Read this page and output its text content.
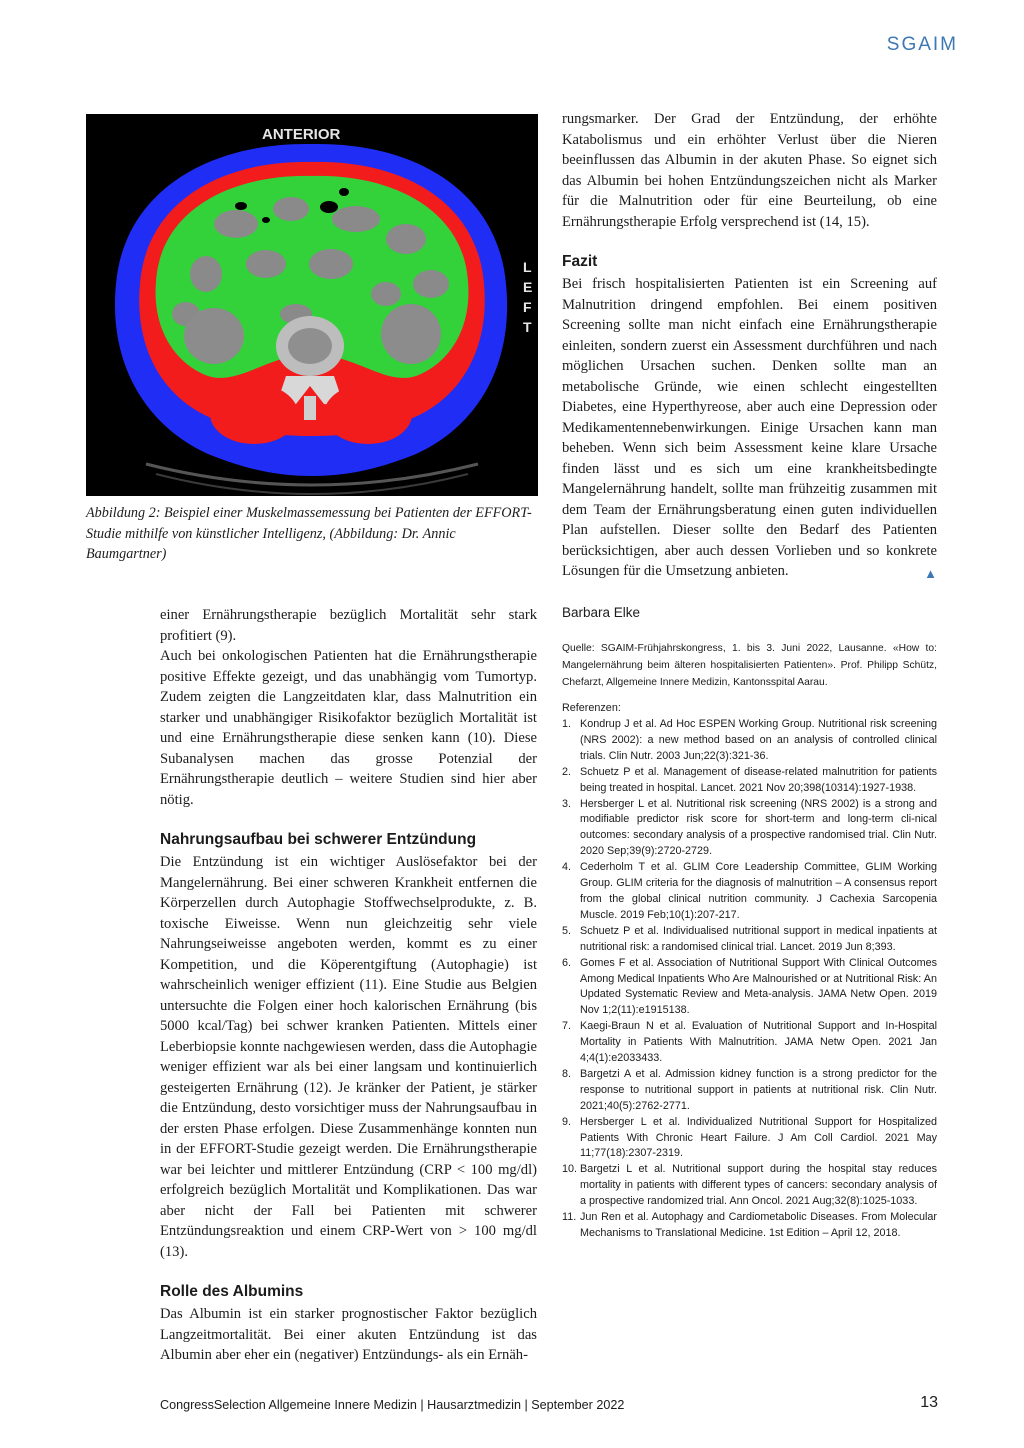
SGAIM
ANTERIOR
L
E
F
T

Abbildung 2: Beispiel einer Muskelmassemessung bei Patienten der EFFORT-Studie mithilfe von künstlicher Intelligenz, (Abbildung: Dr. Annic Baumgartner)

einer Ernährungstherapie bezüglich Mortalität sehr stark profitiert (9).

Auch bei onkologischen Patienten hat die Ernährungstherapie positive Effekte gezeigt, und das unabhängig vom Tumortyp. Zudem zeigten die Langzeitdaten klar, dass Malnutrition ein starker und unabhängiger Risikofaktor bezüglich Mortalität ist und eine Ernährungstherapie diese senken kann (10). Diese Subanalysen machen das grosse Potenzial der Ernährungstherapie deutlich – weitere Studien sind hier aber nötig.

Nahrungsaufbau bei schwerer Entzündung

Die Entzündung ist ein wichtiger Auslösefaktor bei der Mangelernährung. Bei einer schweren Krankheit entfernen die Körperzellen durch Autophagie Stoffwechselprodukte, z. B. toxische Eiweisse. Wenn nun gleichzeitig sehr viele Nahrungseiweisse angeboten werden, kommt es zu einer Kompetition, und die Köperentgiftung (Autophagie) ist wahrscheinlich weniger effizient (11). Eine Studie aus Belgien untersuchte die Folgen einer hoch kalorischen Ernährung (bis 5000 kcal/Tag) bei schwer kranken Patienten. Mittels einer Leberbiopsie konnte nachgewiesen werden, dass die Autophagie weniger effizient war als bei einer langsam und kontinuierlich gesteigerten Ernährung (12). Je kränker der Patient, je stärker die Entzündung, desto vorsichtiger muss der Nahrungsaufbau in der ersten Phase erfolgen. Diese Zusammenhänge konnten nun in der EFFORT-Studie gezeigt werden. Die Ernährungstherapie war bei leichter und mittlerer Entzündung (CRP < 100 mg/dl) erfolgreich bezüglich Mortalität und Komplikationen. Das war aber nicht der Fall bei Patienten mit schwerer Entzündungsreaktion und einem CRP-Wert von > 100 mg/dl (13).

Rolle des Albumins

Das Albumin ist ein starker prognostischer Faktor bezüglich Langzeitmortalität. Bei einer akuten Entzündung ist das Albumin aber eher ein (negativer) Entzündungs- als ein Ernäh-

rungsmarker. Der Grad der Entzündung, der erhöhte Katabolismus und ein erhöhter Verlust über die Nieren beeinflussen das Albumin in der akuten Phase. So eignet sich das Albumin bei hohen Entzündungszeichen nicht als Marker für die Malnutrition oder für eine Beurteilung, ob eine Ernährungstherapie Erfolg versprechend ist (14, 15).

Fazit

Bei frisch hospitalisierten Patienten ist ein Screening auf Malnutrition dringend empfohlen. Bei einem positiven Screening sollte man nicht einfach eine Ernährungstherapie einleiten, sondern zuerst ein Assessment durchführen und nach möglichen Ursachen suchen. Denken sollte man an metabolische Gründe, wie einen schlecht eingestellten Diabetes, eine Hyperthyreose, aber auch eine Depression oder Medikamentennebenwirkungen. Einige Ursachen kann man beheben. Wenn sich beim Assessment keine klare Ursache finden lässt und es sich um eine krankheitsbedingte Mangelernährung handelt, sollte man frühzeitig zusammen mit dem Team der Ernährungsberatung einen guten individuellen Plan aufstellen. Dieser sollte den Bedarf des Patienten berücksichtigen, aber auch dessen Vorlieben und so konkrete Lösungen für die Umsetzung anbieten.	▲

Barbara Elke
Quelle: SGAIM-Frühjahrskongress, 1. bis 3. Juni 2022, Lausanne. «How to: Mangelernährung beim älteren hospitalisierten Patienten». Prof. Philipp Schütz, Chefarzt, Allgemeine Innere Medizin, Kantonsspital Aarau.
Referenzen:
1. Kondrup J et al. Ad Hoc ESPEN Working Group. Nutritional risk screening (NRS 2002): a new method based on an analysis of controlled clinical trials. Clin Nutr. 2003 Jun;22(3):321-36.
2. Schuetz P et al. Management of disease-related malnutrition for patients being treated in hospital. Lancet. 2021 Nov 20;398(10314):1927-1938.
3. Hersberger L et al. Nutritional risk screening (NRS 2002) is a strong and modifiable predictor risk score for short-term and long-term cli-nical outcomes: secondary analysis of a prospective randomised trial. Clin Nutr. 2020 Sep;39(9):2720-2729.
4. Cederholm T et al. GLIM Core Leadership Committee, GLIM Working Group. GLIM criteria for the diagnosis of malnutrition – A consensus report from the global clinical nutrition community. J Cachexia Sarcopenia Muscle. 2019 Feb;10(1):207-217.
5. Schuetz P et al. Individualised nutritional support in medical inpatients at nutritional risk: a randomised clinical trial. Lancet. 2019 Jun 8;393.
6. Gomes F et al. Association of Nutritional Support With Clinical Outcomes Among Medical Inpatients Who Are Malnourished or at Nutritional Risk: An Updated Systematic Review and Meta-analysis. JAMA Netw Open. 2019 Nov 1;2(11):e1915138.
7. Kaegi-Braun N et al. Evaluation of Nutritional Support and In-Hospital Mortality in Patients With Malnutrition. JAMA Netw Open. 2021 Jan 4;4(1):e2033433.
8. Bargetzi A et al. Admission kidney function is a strong predictor for the response to nutritional support in patients at nutritional risk. Clin Nutr. 2021;40(5):2762-2771.
9. Hersberger L et al. Individualized Nutritional Support for Hospitalized Patients With Chronic Heart Failure. J Am Coll Cardiol. 2021 May 11;77(18):2307-2319.
10. Bargetzi L et al. Nutritional support during the hospital stay reduces mortality in patients with different types of cancers: secondary analysis of a prospective randomized trial. Ann Oncol. 2021 Aug;32(8):1025-1033.
11. Jun Ren et al. Autophagy and Cardiometabolic Diseases. From Molecular Mechanisms to Translational Medicine. 1st Edition – April 12, 2018.
CongressSelection Allgemeine Innere Medizin | Hausarztmedizin | September 2022	13
